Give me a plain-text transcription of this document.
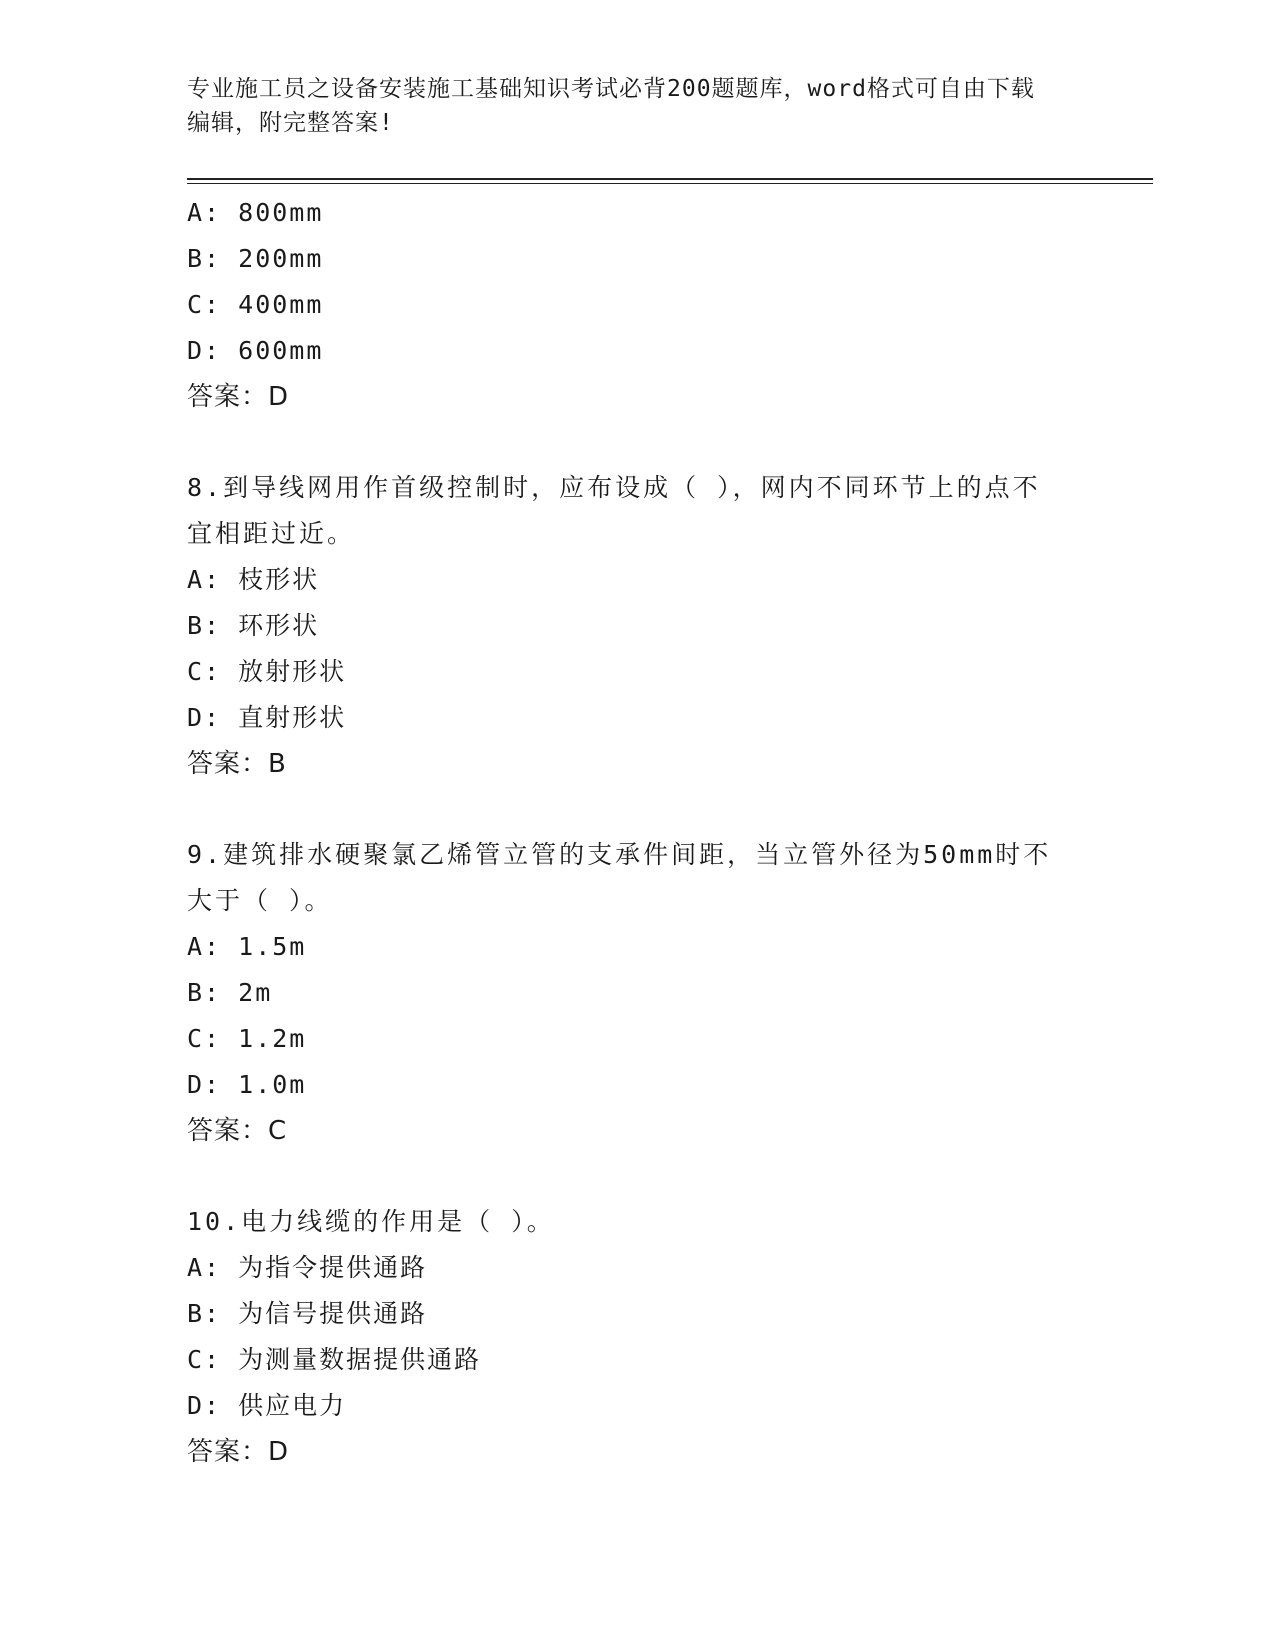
专业施工员之设备安装施工基础知识考试必背200题题库，word格式可自由下载
编辑，附完整答案!
A: 800mm
B: 200mm
C: 400mm
D: 600mm
答案：D
8.到导线网用作首级控制时，应布设成（ ），网内不同环节上的点不
宜相距过近。
A: 枝形状
B: 环形状
C: 放射形状
D: 直射形状
答案：B
9.建筑排水硬聚氯乙烯管立管的支承件间距，当立管外径为50mm时不
大于（ ）。
A: 1.5m
B: 2m
C: 1.2m
D: 1.0m
答案：C
10.电力线缆的作用是（ ）。
A: 为指令提供通路
B: 为信号提供通路
C: 为测量数据提供通路
D: 供应电力
答案：D
